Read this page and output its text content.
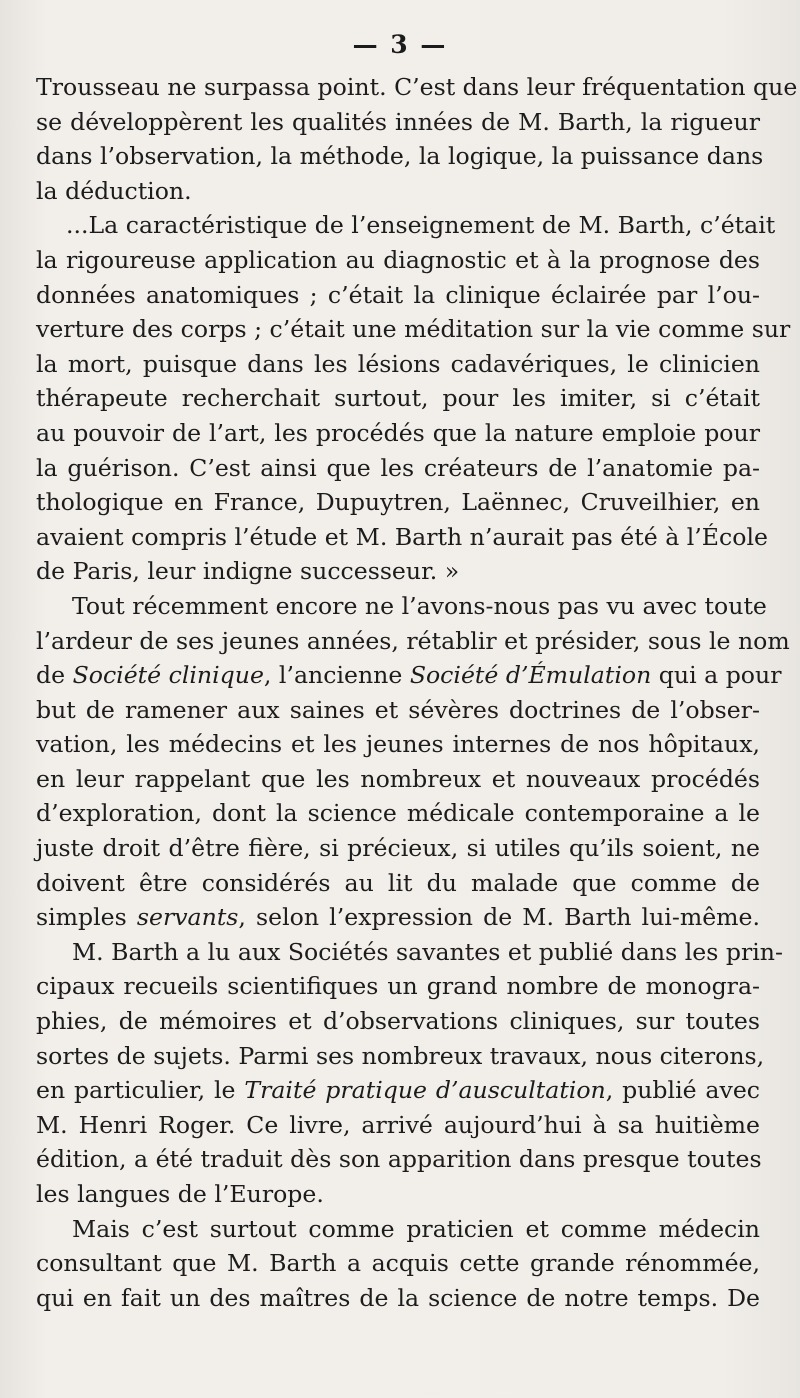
— 3 —
Trousseau ne surpassa point. C’est dans leur fréquentation que
se développèrent les qualités innées de M. Barth, la rigueur
dans l’observation, la méthode, la logique, la puissance dans
la déduction.
...La caractéristique de l’enseignement de M. Barth, c’était
la rigoureuse application au diagnostic et à la prognose des
données anatomiques ; c’était la clinique éclairée par l’ou-
verture des corps ; c’était une méditation sur la vie comme sur
la mort, puisque dans les lésions cadavériques, le clinicien
thérapeute recherchait surtout, pour les imiter, si c’était
au pouvoir de l’art, les procédés que la nature emploie pour
la guérison. C’est ainsi que les créateurs de l’anatomie pa-
thologique en France, Dupuytren, Laënnec, Cruveilhier, en
avaient compris l’étude et M. Barth n’aurait pas été à l’École
de Paris, leur indigne successeur. »
Tout récemment encore ne l’avons-nous pas vu avec toute
l’ardeur de ses jeunes années, rétablir et présider, sous le nom
de Société clinique, l’ancienne Société d’Émulation qui a pour
but de ramener aux saines et sévères doctrines de l’obser-
vation, les médecins et les jeunes internes de nos hôpitaux,
en leur rappelant que les nombreux et nouveaux procédés
d’exploration, dont la science médicale contemporaine a le
juste droit d’être fière, si précieux, si utiles qu’ils soient, ne
doivent être considérés au lit du malade que comme de
simples servants, selon l’expression de M. Barth lui-même.
M. Barth a lu aux Sociétés savantes et publié dans les prin-
cipaux recueils scientifiques un grand nombre de monogra-
phies, de mémoires et d’observations cliniques, sur toutes
sortes de sujets. Parmi ses nombreux travaux, nous citerons,
en particulier, le Traité pratique d’auscultation, publié avec
M. Henri Roger. Ce livre, arrivé aujourd’hui à sa huitième
édition, a été traduit dès son apparition dans presque toutes
les langues de l’Europe.
Mais c’est surtout comme praticien et comme médecin
consultant que M. Barth a acquis cette grande rénommée,
qui en fait un des maîtres de la science de notre temps. De
